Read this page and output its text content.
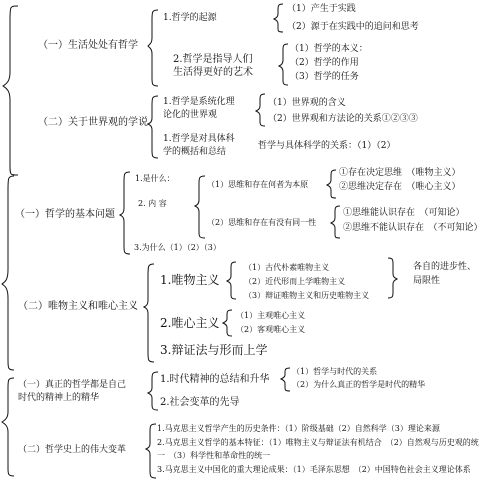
（一）生活处处有哲学
1.哲学的起源
（1）产生于实践
（2）源于在实践中的追问和思考
2.哲学是指导人们
生活得更好的艺术
（1）哲学的本义：
（2）哲学的作用
（3）哲学的任务
（二）关于世界观的学说
1.哲学是系统化理
论化的世界观
（1）世界观的含义
（2）世界观和方法论的关系①②③③
1.哲学是对具体科
学的概括和总结
哲学与具体科学的关系：（1）（2）
（一）哲学的基本问题
1.是什么：
2. 内 容
3.为什么（1）（2）（3）
（1）思维和存在何者为本原
①存在决定思维　（唯物主义）
②思维决定存在　（唯心主义）
（2）思维和存在有没有同一性
①思维能认识存在　（可知论）
②思维不能认识存在　（不可知论）
（二）唯物主义和唯心主义
1.唯物主义
（1）古代朴素唯物主义
（2）近代形而上学唯物主义
（3）辩证唯物主义和历史唯物主义
各自的进步性、
局限性
2.唯心主义
（1）主观唯心主义
（2）客观唯心主义
3.辩证法与形而上学
（一）真正的哲学都是自己
时代的精神上的精华
1.时代精神的总结和升华
（1）哲学与时代的关系
（2）为什么真正的哲学是时代的精华
2.社会变革的先导
（二）哲学史上的伟大变革
1.马克思主义哲学产生的历史条件：（1）阶级基础（2）自然科学（3）理论来源
2.马克思主义哲学的基本特征：（1）唯物主义与辩证法有机结合　（2）自然观与历史观的统
一　（3）科学性和革命性的统一
3.马克思主义中国化的重大理论成果：（1）毛泽东思想　（2）中国特色社会主义理论体系
